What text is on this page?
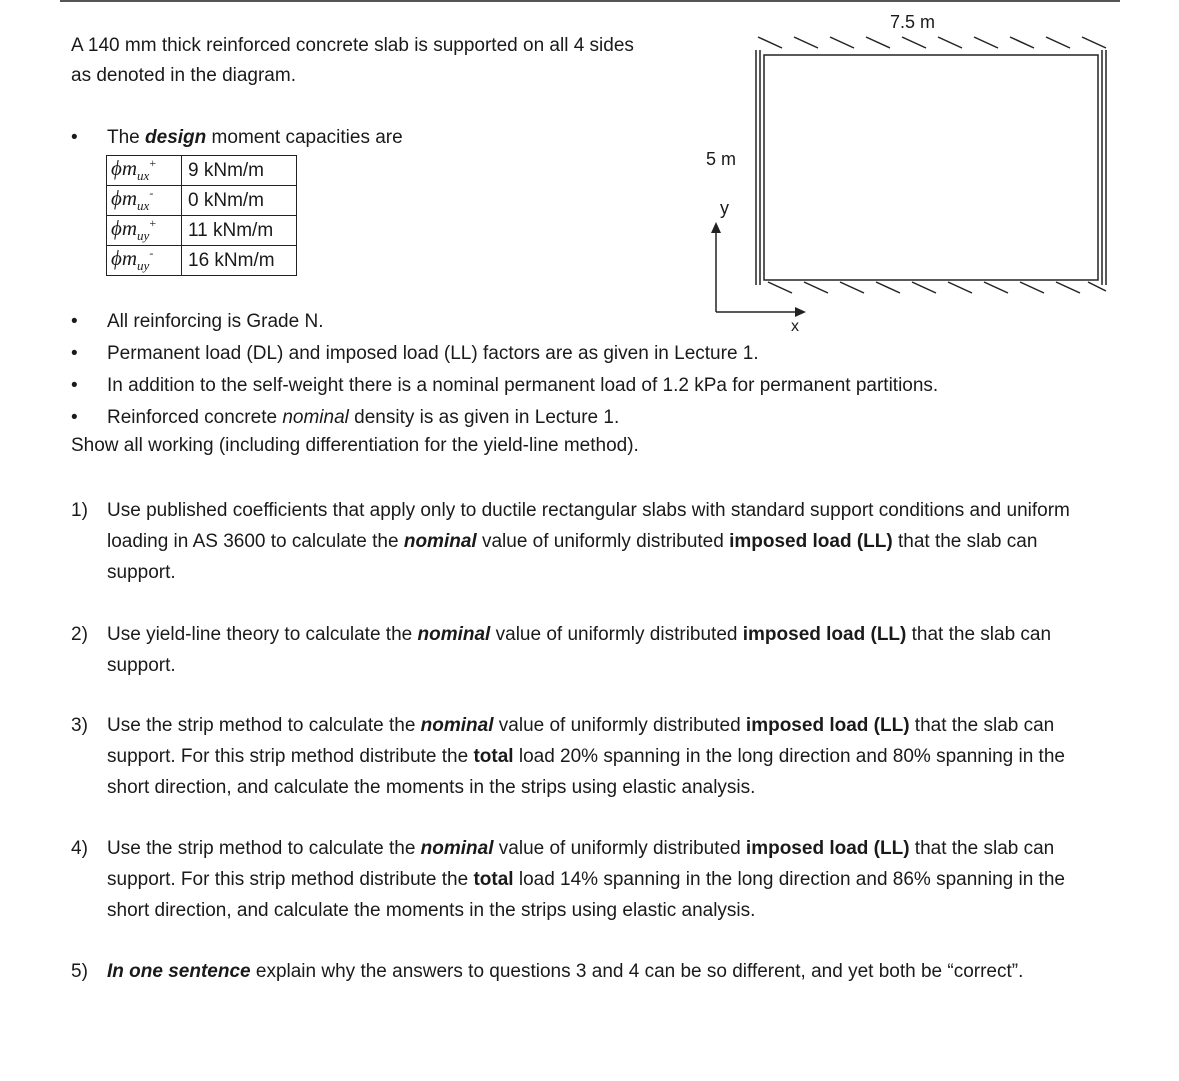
A 140 mm thick reinforced concrete slab is supported on all 4 sides
as denoted in the diagram.
• The design moment capacities are
$\phi m_{ux}^+$	9 kNm/m
$\phi m_{ux}^-$	0 kNm/m
$\phi m_{uy}^+$	11 kNm/m
$\phi m_{uy}^-$	16 kNm/m
7.5 m
5 m
y
x
• All reinforcing is Grade N.
• Permanent load (DL) and imposed load (LL) factors are as given in Lecture 1.
• In addition to the self-weight there is a nominal permanent load of 1.2 kPa for permanent partitions.
• Reinforced concrete nominal density is as given in Lecture 1.
Show all working (including differentiation for the yield-line method).
1) Use published coefficients that apply only to ductile rectangular slabs with standard support conditions and uniform loading in AS 3600 to calculate the nominal value of uniformly distributed imposed load (LL) that the slab can support.
2) Use yield-line theory to calculate the nominal value of uniformly distributed imposed load (LL) that the slab can support.
3) Use the strip method to calculate the nominal value of uniformly distributed imposed load (LL) that the slab can support. For this strip method distribute the total load 20% spanning in the long direction and 80% spanning in the short direction, and calculate the moments in the strips using elastic analysis.
4) Use the strip method to calculate the nominal value of uniformly distributed imposed load (LL) that the slab can support. For this strip method distribute the total load 14% spanning in the long direction and 86% spanning in the short direction, and calculate the moments in the strips using elastic analysis.
5) In one sentence explain why the answers to questions 3 and 4 can be so different, and yet both be “correct”.
